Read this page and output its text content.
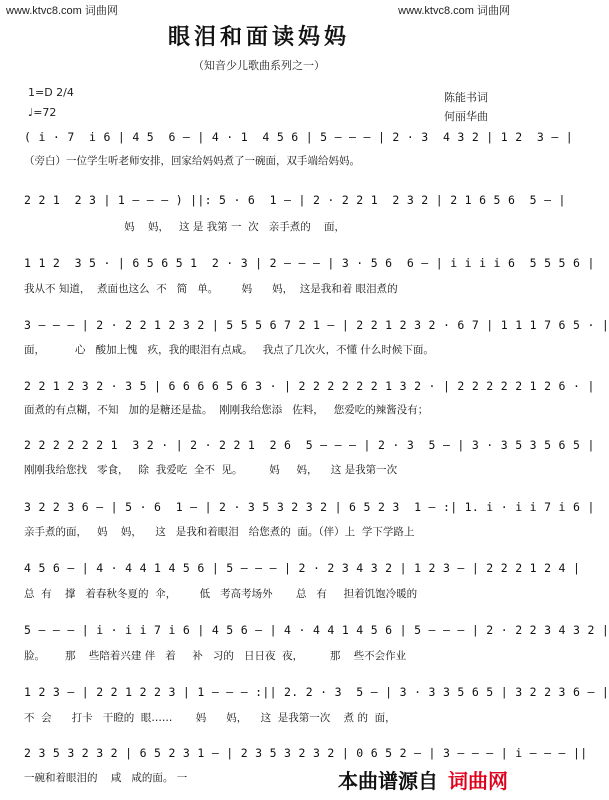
www.ktvc8.com 词曲网	www.ktvc8.com 词曲网
眼泪和面读妈妈
（知音少儿歌曲系列之一）
1=D 2/4
♩=72
陈能书词
何丽华曲
( i · 7  i 6 | 4 5  6 – | 4 · 1  4 5 6 | 5 – – – | 2 · 3  4 3 2 | 1 2  3 – |
（旁白）一位学生听老师安排，回家给妈妈煮了一碗面，双手端给妈妈。
2 2 1  2 3 | 1 – – – ) ||: 5 · 6  1 – | 2 · 2 2 1  2 3 2 | 2 1 6 5 6  5 – |
妈    妈，   这 是 我第 一  次   亲手煮的    面，
1 1 2  3 5 · | 6 5 6 5 1  2 · 3 | 2 – – – | 3 · 5 6  6 – | i i i i 6  5 5 5 6 |
我从不 知道，  煮面也这么  不   简   单。       妈      妈，  这是我和着 眼泪煮的
3 – – – | 2 · 2 2 1 2 3 2 | 5 5 5 6 7 2 1 – | 2 2 1 2 3 2 · 6 7 | 1 1 1 7 6 5 · |
面，         心   酸加上愧   疚，我的眼泪有点咸。   我点了几次火，不懂 什么时候下面。
2 2 1 2 3 2 · 3 5 | 6 6 6 6 5 6 3 · | 2 2 2 2 2 2 1 3 2 · | 2 2 2 2 2 1 2 6 · |
面煮的有点糊，不知   加的是糖还是盐。  刚刚我给您添   佐料，   您爱吃的辣酱没有；
2 2 2 2 2 2 1  3 2 · | 2 · 2 2 1  2 6  5 – – – | 2 · 3  5 – | 3 · 3 5 3 5 6 5 |
刚刚我给您找   零食，   除  我爱吃  全不  见。        妈     妈，    这 是我第一次
3 2 2 3 6 – | 5 · 6  1 – | 2 · 3 5 3 2 3 2 | 6 5 2 3  1 – :| 1. i · i i 7 i 6 |
亲手煮的面，   妈    妈，    这   是我和着眼泪   给您煮的  面。（伴）上  学下学路上
4 5 6 – | 4 · 4 4 1 4 5 6 | 5 – – – | 2 · 2 3 4 3 2 | 1 2 3 – | 2 2 2 1 2 4 |
总  有    撑   着春秋冬夏的  伞，       低   考高考场外       总   有     担着饥饱冷暖的
5 – – – | i · i i 7 i 6 | 4 5 6 – | 4 · 4 4 1 4 5 6 | 5 – – – | 2 · 2 2 3 4 3 2 |
脸。      那    些陪着兴建 伴   着     补   习的   日日夜  夜，        那    些不会作业
1 2 3 – | 2 2 1 2 2 3 | 1 – – – :|| 2. 2 · 3  5 – | 3 · 3 3 5 6 5 | 3 2 2 3 6 – |
不  会      打卡   干瞪的  眼……       妈      妈，    这  是我第一次    煮 的  面，
2 3 5 3 2 3 2 | 6 5 2 3 1 – | 2 3 5 3 2 3 2 | 0 6 5 2 – | 3 – – – | i – – – ||
一碗和着眼泪的    咸   咸的面。 一	本曲谱源自 词曲网
